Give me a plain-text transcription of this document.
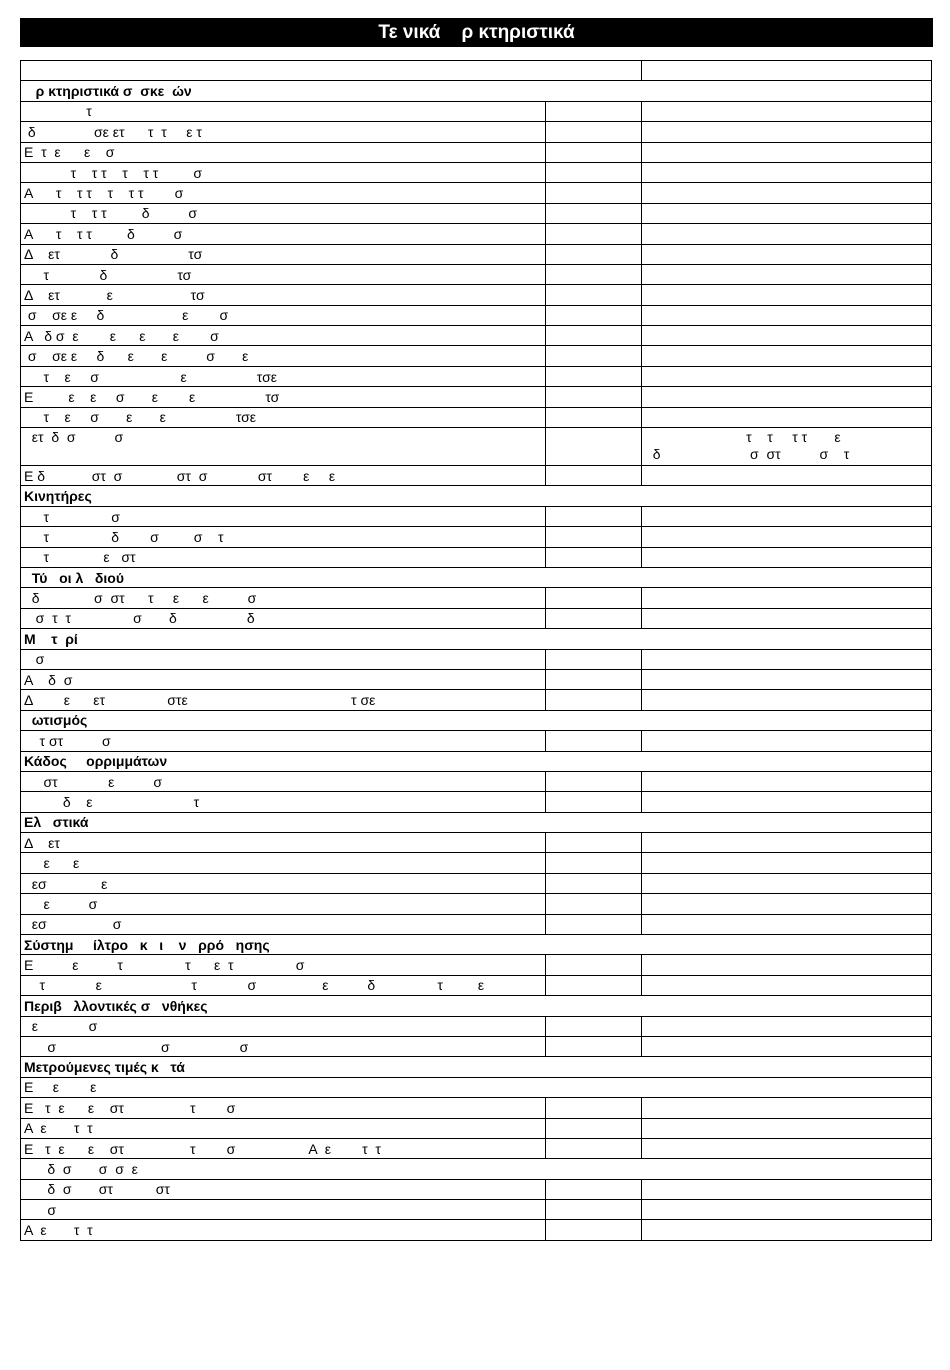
Τε νικά    ρ κτηριστικά

ρ κτηριστικά σ  σκε  ών		
τ		
δ               σε ετ      τ  τ     ε τ		
Ε  τ  ε      ε    σ		
τ    τ τ    τ    τ τ         σ		
Α      τ    τ τ    τ    τ τ        σ		
τ    τ τ         δ          σ		
Α      τ    τ τ         δ          σ		
Δ    ετ             δ                  τσ		
τ             δ                  τσ		
Δ    ετ            ε                    τσ		
σ    σε ε     δ                    ε        σ		
Α   δ σ  ε        ε      ε       ε        σ		
σ    σε ε     δ      ε       ε          σ       ε		
τ    ε     σ                     ε                  τσε		
Ε         ε    ε     σ       ε        ε                  τσ		
τ    ε     σ       ε       ε                  τσε		
ετ  δ  σ          σ		τ    τ     τ τ       ε
δ                       σ  στ          σ    τ

Ε δ            στ  σ              στ  σ             στ        ε     ε		
Κινητήρες		
τ                σ		
τ                δ        σ         σ    τ		
τ              ε   στ		
Τύ   οι λ   διού		
δ              σ  στ      τ     ε      ε          σ		
σ  τ  τ                σ       δ                  δ		
Μ    τ  ρί		
σ		
Α    δ  σ		
Δ        ε      ετ                στε                                          τ σε		
ωτισμός		
τ στ          σ		
Κάδος     ορριμμάτων		
στ             ε          σ		
δ    ε                          τ		
Ελ   στικά		
Δ    ετ		
ε      ε		
εσ              ε		
ε          σ		
εσ                 σ		
Σύστημ     ίλτρο   κ   ι    ν   ρρό   ησης		
Ε          ε          τ                τ      ε  τ                σ		
τ             ε                       τ             σ                 ε          δ                τ         ε		
Περιβ   λλοντικές σ   νθήκες		
ε             σ		
σ                           σ                  σ		
Μετρούμενες τιμές κ   τά		
Ε     ε        ε		
Ε   τ  ε      ε    στ                 τ        σ		
Α  ε       τ  τ		
Ε   τ  ε      ε    στ                 τ        σ                   Α  ε        τ  τ		
δ  σ       σ  σ  ε		
δ  σ       στ           στ		
σ		
Α  ε       τ  τ		
